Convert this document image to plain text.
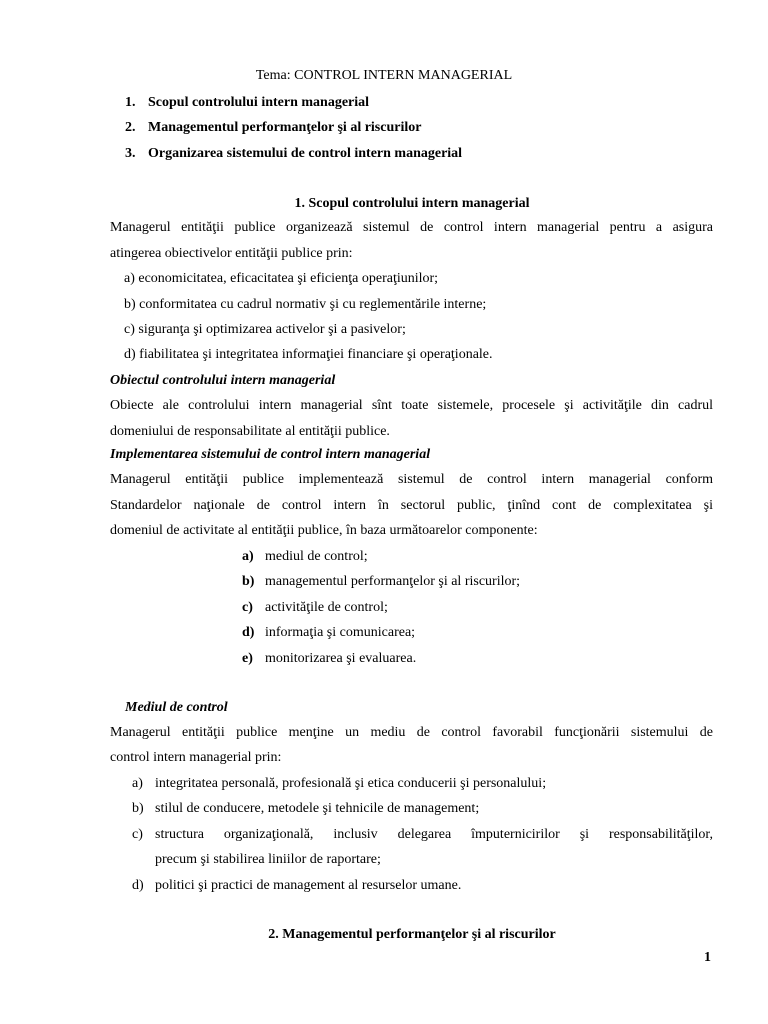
Tema: CONTROL INTERN MANAGERIAL
1. Scopul controlului intern managerial
2. Managementul performanţelor şi al riscurilor
3. Organizarea sistemului de control intern managerial
1. Scopul controlului intern managerial
Managerul entităţii publice organizează sistemul de control intern managerial pentru a asigura
atingerea obiectivelor entităţii publice prin:
a) economicitatea, eficacitatea şi eficienţa operaţiunilor;
b) conformitatea cu cadrul normativ şi cu reglementările interne;
c) siguranţa şi optimizarea activelor şi a pasivelor;
d) fiabilitatea şi integritatea informaţiei financiare şi operaţionale.
Obiectul controlului intern managerial
Obiecte ale controlului intern managerial sînt toate sistemele, procesele şi activităţile din cadrul
domeniului de responsabilitate al entităţii publice.
Implementarea sistemului de control intern managerial
Managerul entităţii publice implementează sistemul de control intern managerial conform
Standardelor naţionale de control intern în sectorul public, ţinînd cont de complexitatea şi
domeniul de activitate al entităţii publice, în baza următoarelor componente:
a) mediul de control;
b) managementul performanţelor şi al riscurilor;
c) activităţile de control;
d) informaţia şi comunicarea;
e) monitorizarea şi evaluarea.
Mediul de control
Managerul entităţii publice menţine un mediu de control favorabil funcţionării sistemului de
control intern managerial prin:
a) integritatea personală, profesională şi etica conducerii şi personalului;
b) stilul de conducere, metodele şi tehnicile de management;
c) structura organizaţională, inclusiv delegarea împuternicirilor şi responsabilităţilor,
precum şi stabilirea liniilor de raportare;
d) politici şi practici de management al resurselor umane.
2. Managementul performanţelor şi al riscurilor
1
